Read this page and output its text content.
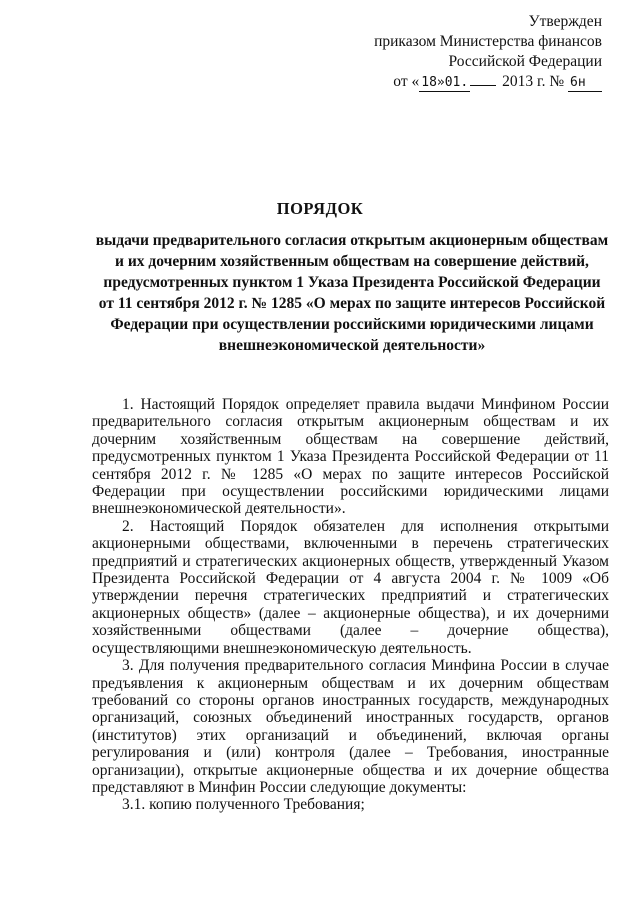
Утвержден
приказом Министерства финансов
Российской Федерации
от « 18»01. 2013 г. № 6н
ПОРЯДОК
выдачи предварительного согласия открытым акционерным обществам
и их дочерним хозяйственным обществам на совершение действий,
предусмотренных пунктом 1 Указа Президента Российской Федерации
от 11 сентября 2012 г. № 1285 «О мерах по защите интересов Российской
Федерации при осуществлении российскими юридическими лицами
внешнеэкономической деятельности»

1. Настоящий Порядок определяет правила выдачи Минфином России
предварительного согласия открытым акционерным обществам и их
дочерним хозяйственным обществам на совершение действий,
предусмотренных пунктом 1 Указа Президента Российской Федерации от 11
сентября 2012 г. № 1285 «О мерах по защите интересов Российской
Федерации при осуществлении российскими юридическими лицами
внешнеэкономической деятельности».

2. Настоящий Порядок обязателен для исполнения открытыми
акционерными обществами, включенными в перечень стратегических
предприятий и стратегических акционерных обществ, утвержденный Указом
Президента Российской Федерации от 4 августа 2004 г. № 1009 «Об
утверждении перечня стратегических предприятий и стратегических
акционерных обществ» (далее – акционерные общества), и их дочерними
хозяйственными обществами (далее – дочерние общества),
осуществляющими внешнеэкономическую деятельность.

3. Для получения предварительного согласия Минфина России в случае
предъявления к акционерным обществам и их дочерним обществам
требований со стороны органов иностранных государств, международных
организаций, союзных объединений иностранных государств, органов
(институтов) этих организаций и объединений, включая органы
регулирования и (или) контроля (далее – Требования, иностранные
организации), открытые акционерные общества и их дочерние общества
представляют в Минфин России следующие документы:

3.1. копию полученного Требования;
